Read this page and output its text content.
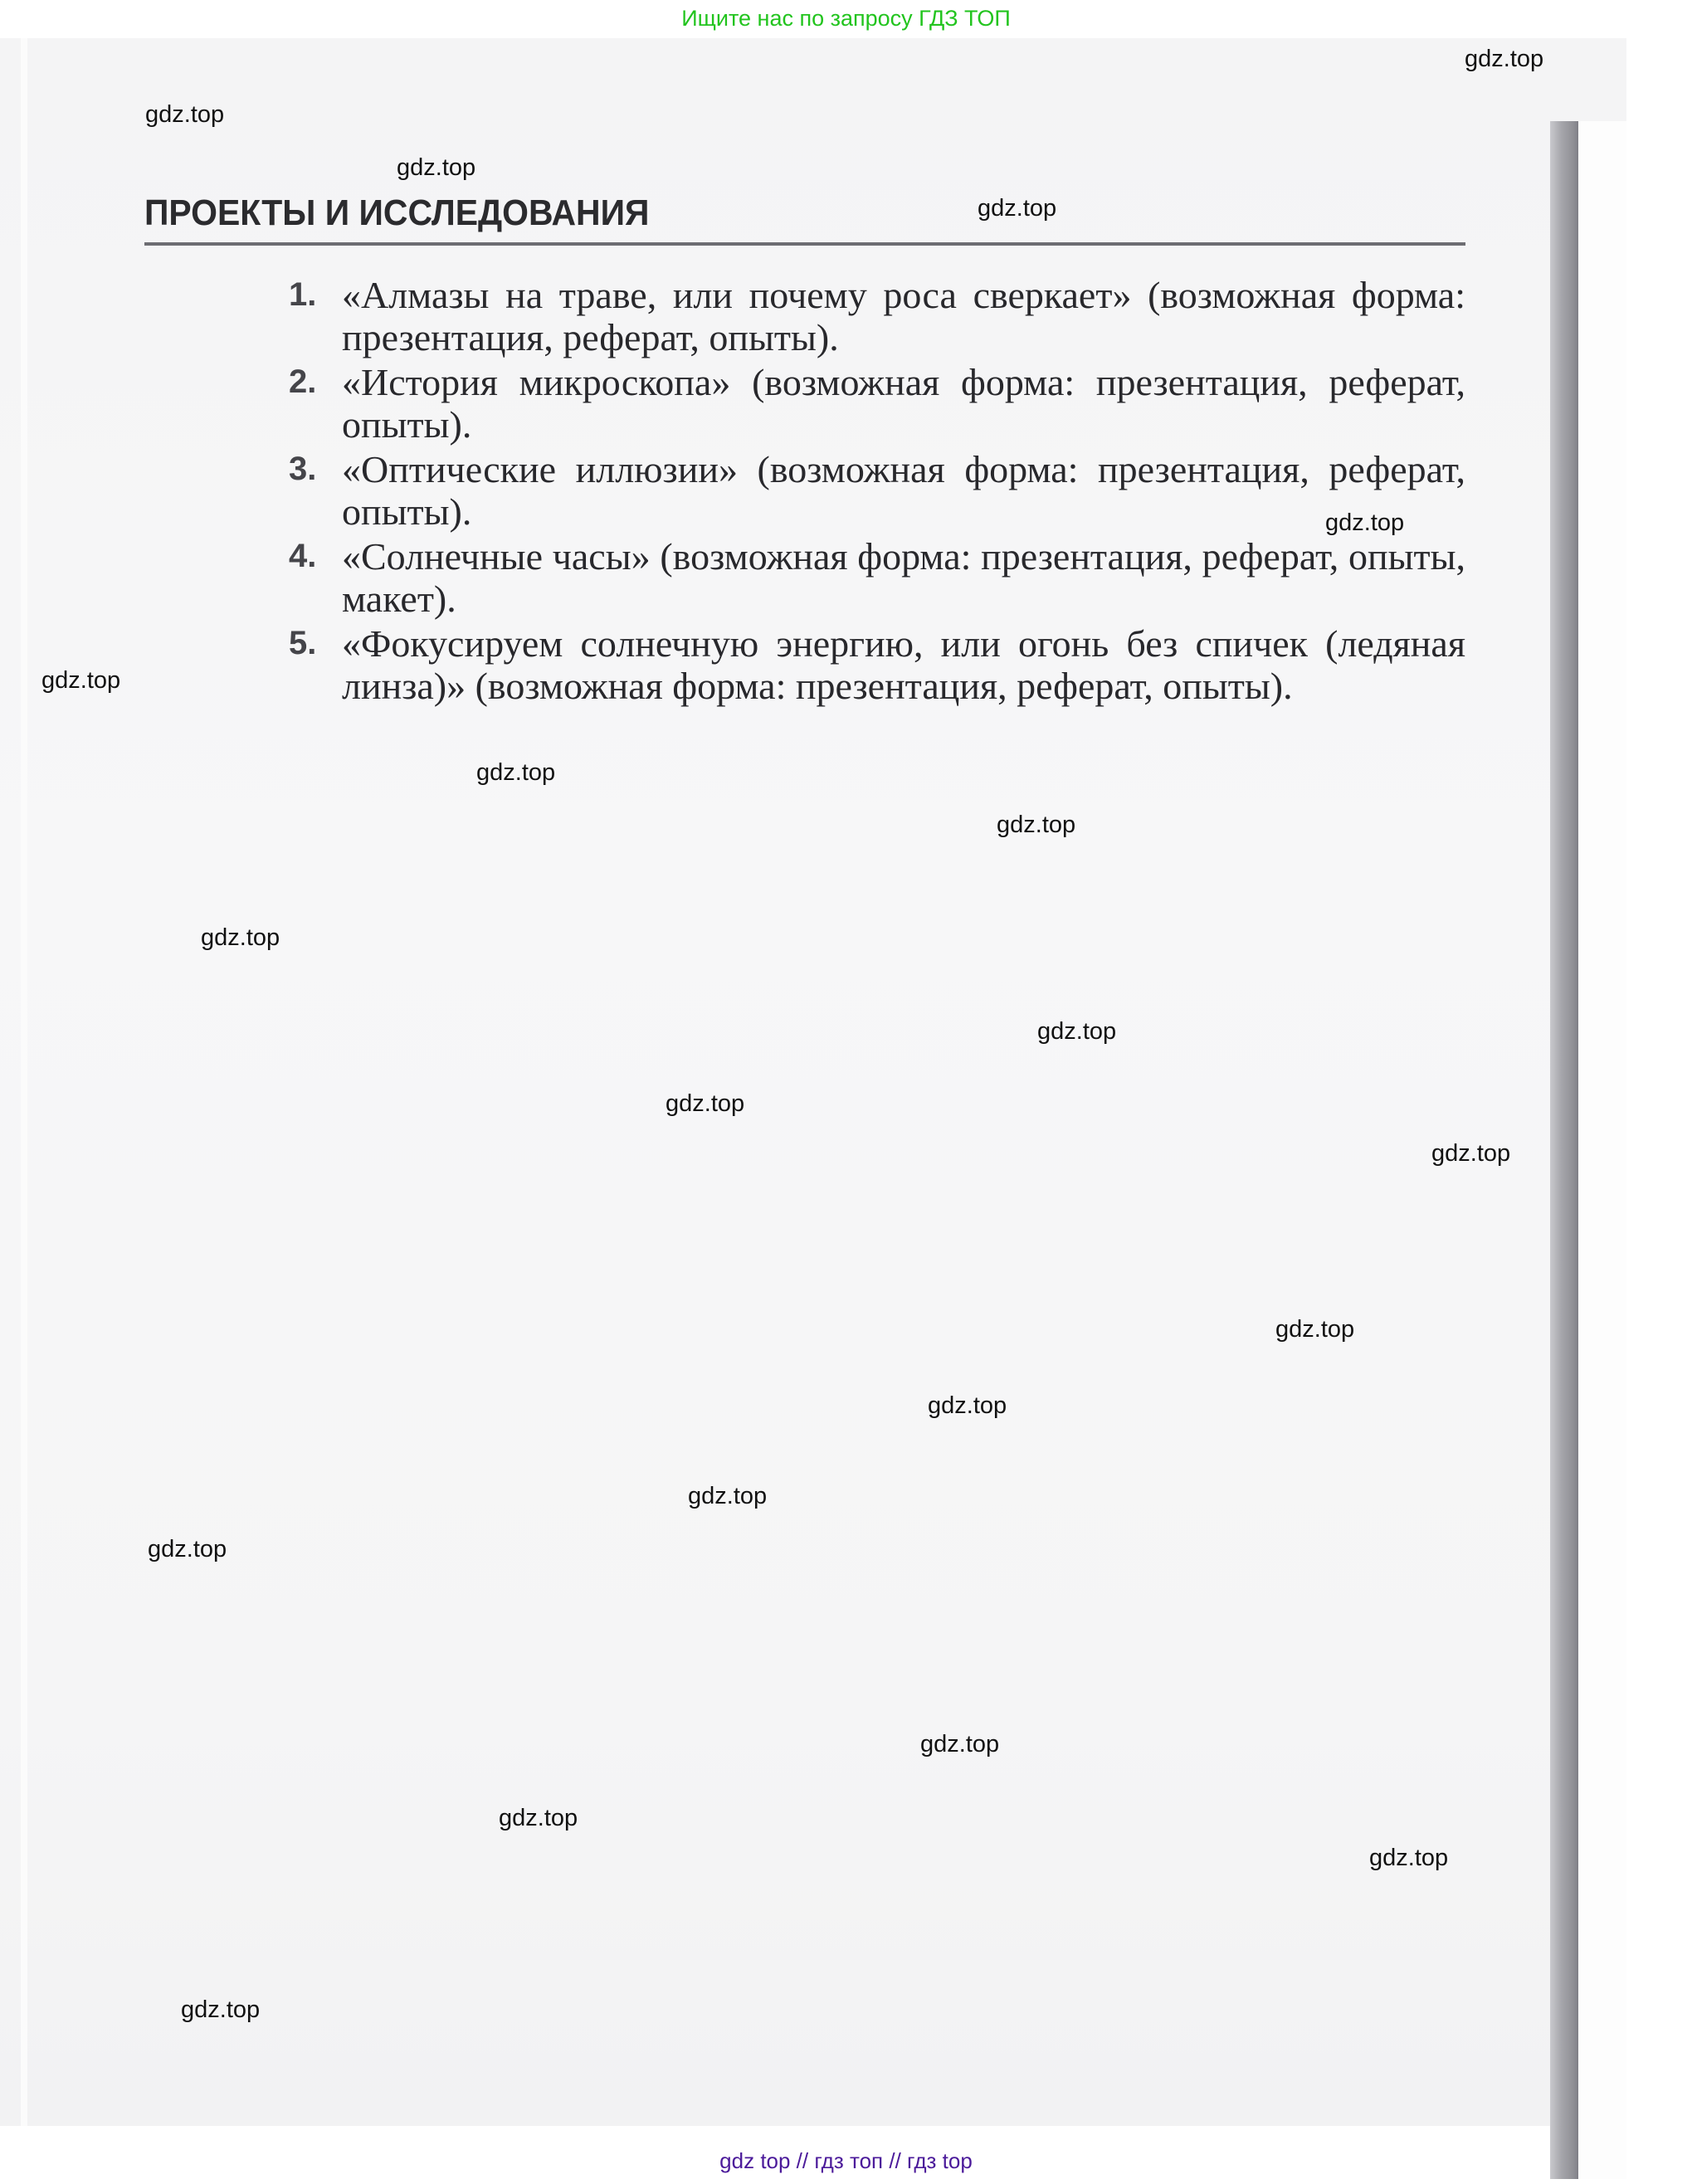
Ищите нас по запросу ГДЗ ТОП
ПРОЕКТЫ И ИССЛЕДОВАНИЯ
1. «Алмазы на траве, или почему роса сверкает» (возможная форма: презентация, реферат, опыты).
2. «История микроскопа» (возможная форма: презентация, реферат, опыты).
3. «Оптические иллюзии» (возможная форма: презентация, реферат, опыты).
4. «Солнечные часы» (возможная форма: презентация, реферат, опыты, макет).
5. «Фокусируем солнечную энергию, или огонь без спичек (ледяная линза)» (возможная форма: презентация, реферат, опыты).
gdz.top
gdz.top
gdz.top
gdz.top
gdz.top
gdz.top
gdz.top
gdz.top
gdz.top
gdz.top
gdz.top
gdz.top
gdz.top
gdz.top
gdz.top
gdz.top
gdz.top
gdz.top
gdz.top
gdz.top
gdz top // гдз топ // гдз top
